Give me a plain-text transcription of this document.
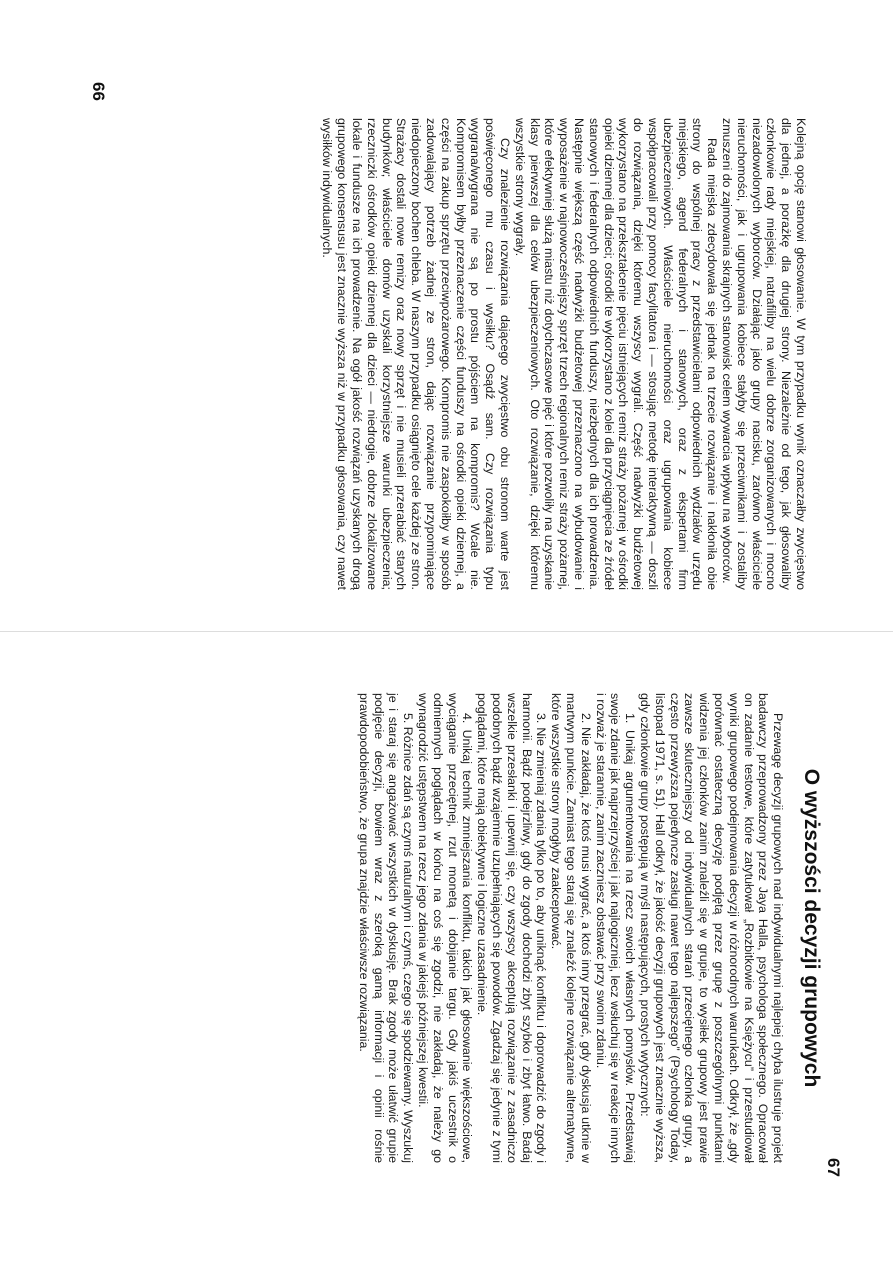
Kolejną opcję stanowi głosowanie. W tym przypadku wynik oznaczałby zwycięstwo dla jednej, a porażkę dla drugiej strony. Niezależnie od tego, jak głosowaliby członkowie rady miejskiej, natrafiliby na wielu dobrze zorganizowanych i mocno niezadowolonych wyborców. Działając jako grupy nacisku, zarówno właściciele nieruchomości, jak i ugrupowania kobiece stałyby się przeciwnikami i zostaliby zmuszeni do zajmowania skrajnych stanowisk celem wywarcia wpływu na wyborców.

Rada miejska zdecydowała się jednak na trzecie rozwiązanie i nakłoniła obie strony do wspólnej pracy z przedstawicielami odpowiednich wydziałów urzędu miejskiego, agend federalnych i stanowych, oraz z ekspertami firm ubezpieczeniowych. Właściciele nieruchomości oraz ugrupowania kobiece współpracowali przy pomocy facylitatora i — stosując metodę interaktywną — doszli do rozwiązania, dzięki któremu wszyscy wygrali. Część nadwyżki budżetowej wykorzystano na przekształcenie pięciu istniejących remiz straży pożarnej w ośrodki opieki dziennej dla dzieci; ośrodki te wykorzystano z kolei dla przyciągnięcia ze źródeł stanowych i federalnych odpowiednich funduszy, niezbędnych dla ich prowadzenia. Następnie większą część nadwyżki budżetowej przeznaczono na wybudowanie i wyposażenie w najnowocześniejszy sprzęt trzech regionalnych remiz straży pożarnej, które efektywniej służą miastu niż dotychczasowe pięć i które pozwoliły na uzyskanie klasy pierwszej dla celów ubezpieczeniowych. Oto rozwiązanie, dzięki któremu wszystkie strony wygrały.

Czy znalezienie rozwiązania dającego zwycięstwo obu stronom warte jest poświęconego mu czasu i wysiłku? Osądź sam. Czy rozwiązania typu wygrana/wygrana nie są po prostu pójściem na kompromis? Wcale nie. Kompromisem byłby przeznaczenie części funduszy na ośrodki opieki dziennej, a części na zakup sprzętu przeciwpożarowego. Kompromis nie zaspokoiłby w sposób zadowalający potrzeb żadnej ze stron, dając rozwiązanie przypominające niedopieczony bochen chleba. W naszym przypadku osiągnięto cele każdej ze stron. Strażacy dostali nowe remizy oraz nowy sprzęt i nie musieli przerabiać starych budynków; właściciele domów uzyskali korzystniejsze warunki ubezpieczenia; rzeczniczki ośrodków opieki dziennej dla dzieci — niedrogie, dobrze zlokalizowane lokale i fundusze na ich prowadzenie. Na ogół jakość rozwiązań uzyskanych drogą grupowego konsensusu jest znacznie wyższa niż w przypadku głosowania, czy nawet wysiłków indywidualnych.

66
O wyższości decyzji grupowych

Przewagę decyzji grupowych nad indywidualnymi najlepiej chyba ilustruje projekt badawczy przeprowadzony przez Jaya Halla, psychologa społecznego. Opracował on zadanie testowe, które zatytułował „Rozbitkowie na Księżycu” i przestudiował wyniki grupowego podejmowania decyzji w różnorodnych warunkach. Odkrył, że „gdy porównać ostateczną decyzję podjętą przez grupę z poszczególnymi punktami widzenia jej członków zanim znaleźli się w grupie, to wysiłek grupowy jest prawie zawsze skuteczniejszy od indywidualnych starań przeciętnego członka grupy, a często przewyższa pojedyncze zasługi nawet tego najlepszego” (Psychology Today, listopad 1971, s. 51). Hall odkrył, że jakość decyzji grupowych jest znacznie wyższa, gdy członkowie grupy postępują w myśl następujących, prostych wytycznych:

1. Unikaj argumentowania na rzecz swoich własnych pomysłów. Przedstawiaj swoje zdanie jak najprzejrzyściej i jak najlogiczniej, lecz wsłuchuj się w reakcje innych i rozważ je starannie, zanim zaczniesz obstawać przy swoim zdaniu.

2. Nie zakładaj, że ktoś musi wygrać, a ktoś inny przegrać, gdy dyskusja utknie w martwym punkcie. Zamiast tego staraj się znaleźć kolejne rozwiązanie alternatywne, które wszystkie strony mogłyby zaakceptować.

3. Nie zmieniaj zdania tylko po to, aby uniknąć konfliktu i doprowadzić do zgody i harmonii. Bądź podejrzliwy, gdy do zgody dochodzi zbyt szybko i zbyt łatwo. Badaj wszelkie przesłanki i upewnij się, czy wszyscy akceptują rozwiązanie z zasadniczo podobnych bądź wzajemnie uzupełniających się powodów. Zgadzaj się jedynie z tymi poglądami, które mają obiektywne i logiczne uzasadnienie.

4. Unikaj technik zmniejszania konfliktu, takich jak głosowanie większościowe, wyciąganie przeciętnej, rzut monetą i dobijanie targu. Gdy jakiś uczestnik o odmiennych poglądach w końcu na coś się zgodzi, nie zakładaj, że należy go wynagrodzić ustępstwem na rzecz jego zdania w jakiejś późniejszej kwestii.

5. Różnice zdań są czymś naturalnym i czymś, czego się spodziewamy. Wyszukuj je i staraj się angażować wszystkich w dyskusję. Brak zgody może ułatwić grupie podjęcie decyzji, bowiem wraz z szeroką gamą informacji i opinii rośnie prawdopodobieństwo, że grupa znajdzie właściwsze rozwiązania.

67
